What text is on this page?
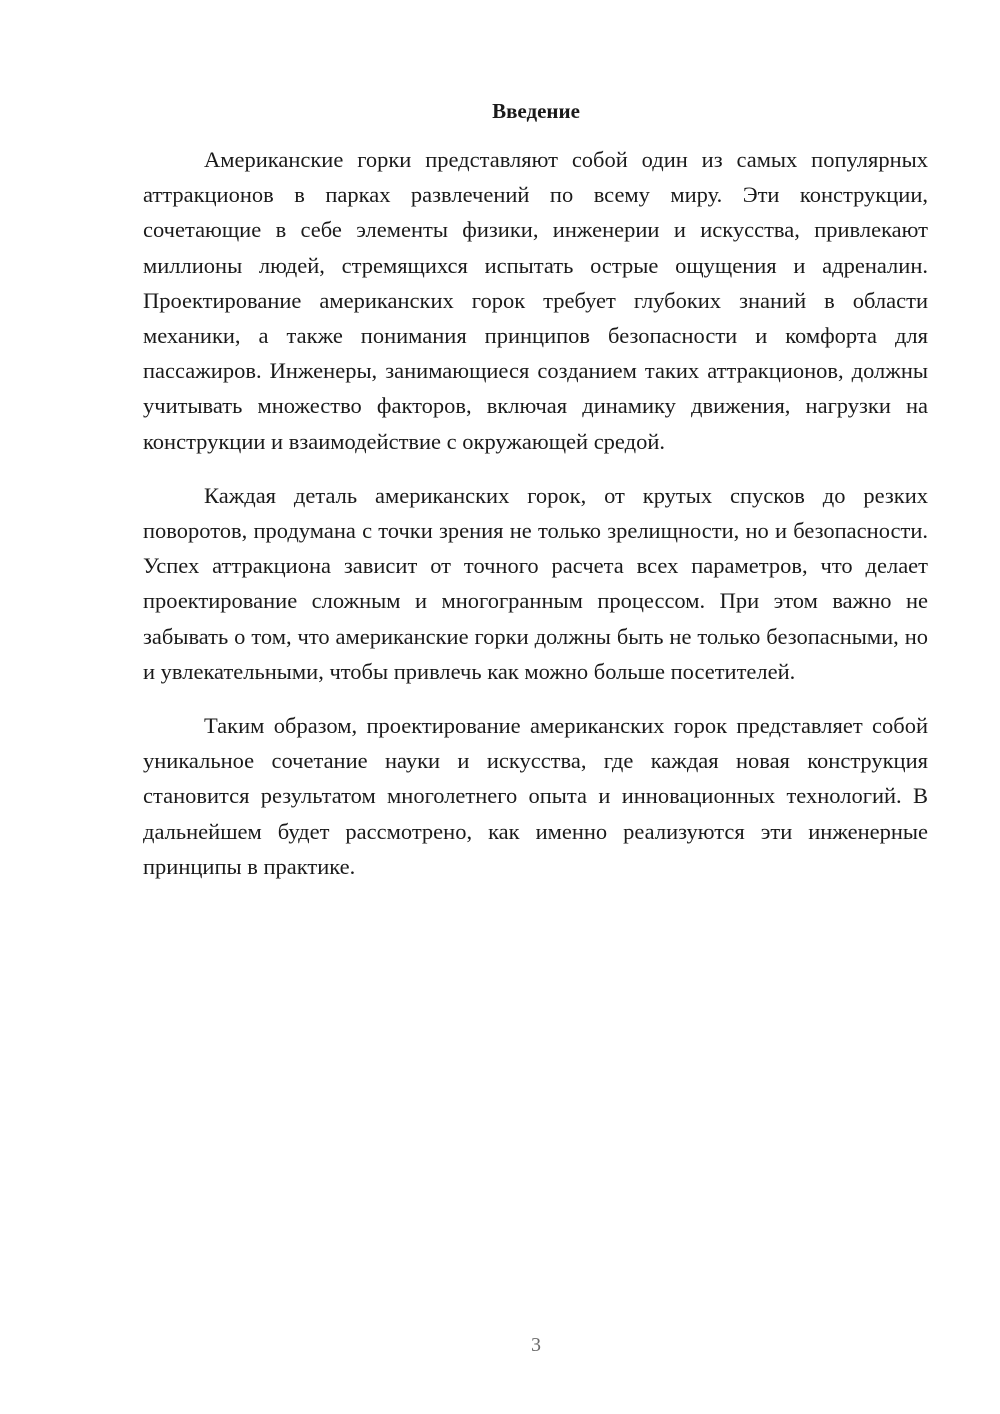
Введение

Американские горки представляют собой один из самых популярных аттракционов в парках развлечений по всему миру. Эти конструкции, сочетающие в себе элементы физики, инженерии и искусства, привлекают миллионы людей, стремящихся испытать острые ощущения и адреналин. Проектирование американских горок требует глубоких знаний в области механики, а также понимания принципов безопасности и комфорта для пассажиров. Инженеры, занимающиеся созданием таких аттракционов, должны учитывать множество факторов, включая динамику движения, нагрузки на конструкции и взаимодействие с окружающей средой.

Каждая деталь американских горок, от крутых спусков до резких поворотов, продумана с точки зрения не только зрелищности, но и безопасности. Успех аттракциона зависит от точного расчета всех параметров, что делает проектирование сложным и многогранным процессом. При этом важно не забывать о том, что американские горки должны быть не только безопасными, но и увлекательными, чтобы привлечь как можно больше посетителей.

Таким образом, проектирование американских горок представляет собой уникальное сочетание науки и искусства, где каждая новая конструкция становится результатом многолетнего опыта и инновационных технологий. В дальнейшем будет рассмотрено, как именно реализуются эти инженерные принципы в практике.

3
